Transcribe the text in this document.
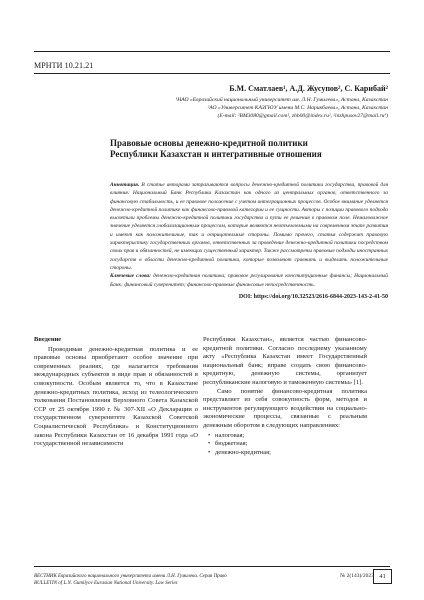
МРНТИ 10.21.21
Б.М. Сматлаев¹, А.Д. Жусупов², С. Карибай²
¹НАО «Евразийский национальный университет им. Л.Н. Гумилева», Астана, Казахстан
²АО «Университет КАЗГЮУ имени М.С. Нарикбаева», Астана, Казахстан
(E-mail: ²BM3080@gmail.com¹, zhb00@index.ru², ²inzhpusov27@mail.ru³)
Правовые основы денежно-кредитной политики Республики Казахстан и интегративные отношения
Аннотация. В статье авторами затрагиваются вопросы денежно-кредитной политики государства, правовой для влияния. Национальный Банк Республики Казахстан как одного из центральных органов, ответственного за финансовую стабильность, и ее правовое положение с учетом интеграционных процессов. Особое внимание уделяется денежно-кредитной политике как финансово-правовой категории и ее сущности. Авторы с позиции правового подхода высветили проблемы денежно-кредитной политики государства и пути ее решения в правовом поле. Немаловажное значение уделяется глобализационным процессам, которые являются неотъемлемыми на современном этапе развития и имеют как положительные, так и отрицательные стороны. Помимо прочего, статья содержит правовую характеристику государственных органов, ответственных за проведение денежно-кредитной политики посредством своих прав и обязанностей, не имеющих существенный характер. Также рассмотрены правовые подходы иностранных государств в области денежно-кредитной политики, которые позволяют сравнить и выделить положительные стороны.
Ключевые слова: денежно-кредитная политика; правовое регулирование конституционные финансы; Национальный Банк; финансовый суверенитет; финансово-правовые финансовые непосредственность.
DOI: https://doi.org/10.32523/2616-6844-2023-143-2-41-50
Введение

Проводимая денежно-кредитная политика и ее правовые основы приобретают особое значение при современных реалиях, где налагается требования международных субъектов в виде прав и обязанностей в совокупности. Особым является то, что в Казахстане денежно-кредитных политика, исход из телеологического толкования Постановления Верховного Совета Казахской ССР от 25 октября 1990 г. № 307-XII «О Декларации о государственном суверенитете Казахской Советской Социалистической Республики» и Конституционного закона Республики Казахстан от 16 декабря 1991 года «О государственной независимости

Республики Казахстан», является частью финансово-кредитной политики. Согласно последнему указанному акту «Республика Казахстан имеет Государственный национальный банк; вправе создать свою финансово-кредитную, денежную системы, организует республиканские налоговую и таможенную системы» [1].

Само понятие финансово-кредитная политика представляет из себя совокупность форм, методов и инструментов регулирующего воздействия на социально-экономические процессы, связанные с реальным денежным оборотом в следующих направлениях:

• налоговая;
• бюджетная;
• денежно-кредитная;
ВЕСТНИК Евразийского национального университета имени Л.Н. Гумилева. Серия Право
BULLETIN of L.N. Gumilyov Eurasian National University. Law Series
№ 2(143)/2023 41
